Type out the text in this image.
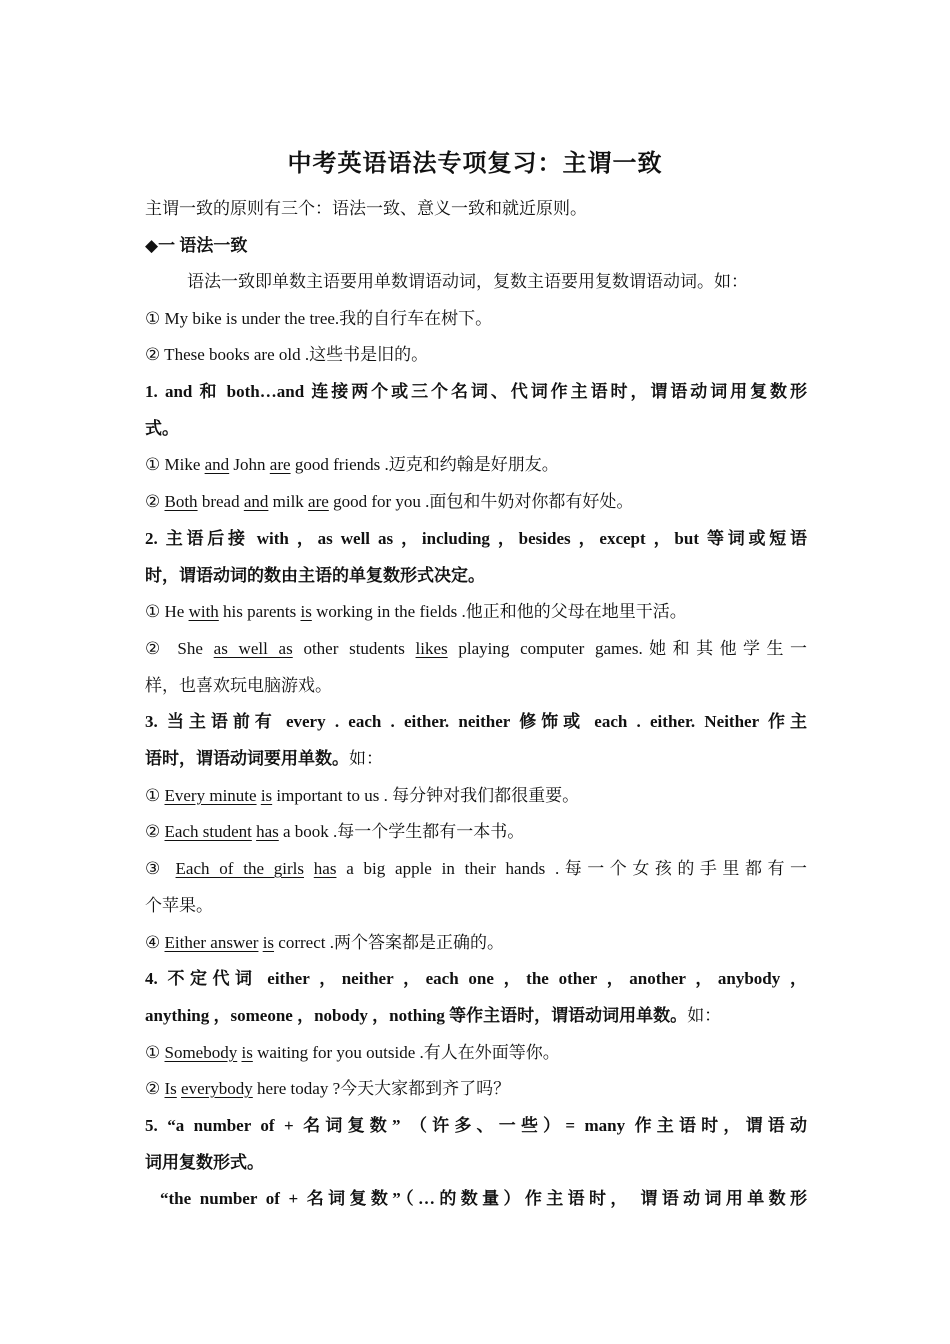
中考英语语法专项复习：主谓一致
主谓一致的原则有三个：语法一致、意义一致和就近原则。
◆一 语法一致
语法一致即单数主语要用单数谓语动词，复数主语要用复数谓语动词。如：
① My bike is under the tree.我的自行车在树下。
② These books are old .这些书是旧的。
1. and 和 both…and 连接两个或三个名词、代词作主语时，谓语动词用复数形
式。
① Mike and John are good friends .迈克和约翰是好朋友。
② Both bread and milk are good for you .面包和牛奶对你都有好处。
2. 主语后接 with ，as well as ，including ，besides ，except ，but 等词或短语
时，谓语动词的数由主语的单复数形式决定。
① He with his parents is working in the fields .他正和他的父母在地里干活。
② She as well as other students likes playing computer games.她和其他学生一
样，也喜欢玩电脑游戏。
3. 当主语前有 every . each . either. neither 修饰或 each . either. Neither 作主
语时，谓语动词要用单数。如：
① Every minute is important to us . 每分钟对我们都很重要。
② Each student has a book .每一个学生都有一本书。
③ Each of the girls has a big apple in their hands .每一个女孩的手里都有一
个苹果。
④ Either answer is correct .两个答案都是正确的。
4. 不定代词 either ，neither ，each one ，the other ，another ，anybody ，
anything ，someone ，nobody ，nothing 等作主语时，谓语动词用单数。如：
① Somebody is waiting for you outside .有人在外面等你。
② Is everybody here today ?今天大家都到齐了吗？
5. “a number of + 名词复数” （许多、一些）= many 作主语时，谓语动
词用复数形式。
“the number of + 名词复数”（…的数量）作主语时， 谓语动词用单数形
